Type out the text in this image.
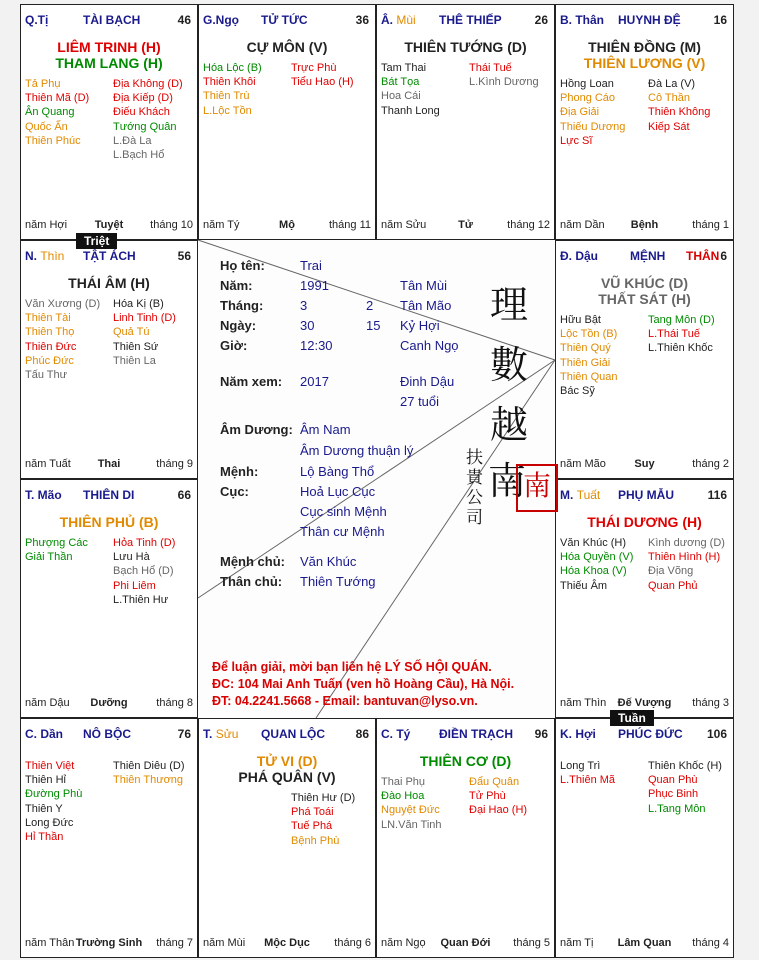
Q.Tị	TÀI BẠCH	46
LIÊM TRINH (H)
THAM LANG (H)
Tả Phụ
Thiên Mã (D)
Ân Quang
Quốc Ấn
Thiên Phúc
Địa Không (D)
Địa Kiếp (D)
Điếu Khách
Tướng Quân
L.Đà La
L.Bạch Hổ
năm Hợi	Tuyệt	tháng 10
G.Ngọ TỬ TỨC	36
CỰ MÔN (V)
Hóa Lộc (B)
Thiên Khôi
Thiên Trù
L.Lộc Tồn
Trực Phù
Tiểu Hao (H)
năm Tý	Mộ	tháng 11
Â. Mùi THÊ THIẾP	26
THIÊN TƯỚNG (D)
Tam Thai
Bát Tọa
Hoa Cái
Thanh Long
Thái Tuế
L.Kình Dương
năm Sửu	Tử	tháng 12
B. Thân HUYNH ĐỆ	16
THIÊN ĐỒNG (M)
THIÊN LƯƠNG (V)
Hồng Loan
Phong Cáo
Địa Giải
Thiếu Dương
Lực Sĩ
Đà La (V)
Cô Thần
Thiên Không
Kiếp Sát
năm Dần	Bệnh	tháng 1
N. Thìn TẬT ÁCH	56
THÁI ÂM (H)
Văn Xương (D)
Thiên Tài
Thiên Thọ
Thiên Đức
Phúc Đức
Tấu Thư
Hóa Kị (B)
Linh Tinh (D)
Quả Tú
Thiên Sứ
Thiên La
năm Tuất	Thai	tháng 9
Đ. Dậu	MỆNH THÂN 6
VŨ KHÚC (D)
THẤT SÁT (H)
Hữu Bật
Lộc Tồn (B)
Thiên Quý
Thiên Giải
Thiên Quan
Bác Sỹ
Tang Môn (D)
L.Thái Tuế
L.Thiên Khốc
năm Mão	Suy	tháng 2
T. Mão THIÊN DI	66
THIÊN PHỦ (B)
Phượng Các
Giải Thần
Hỏa Tinh (D)
Lưu Hà
Bạch Hổ (D)
Phi Liêm
L.Thiên Hư
năm Dậu	Dưỡng	tháng 8
M. Tuất PHỤ MẪU	116
THÁI DƯƠNG (H)
Văn Khúc (H)
Hóa Quyền (V)
Hóa Khoa (V)
Thiếu Âm
Kình dương (D)
Thiên Hình (H)
Địa Võng
Quan Phủ
năm Thìn	Đế Vượng	tháng 3
C. Dần NÔ BỘC	76
Thiên Việt
Thiên Hỉ
Đường Phù
Thiên Y
Long Đức
Hỉ Thần
Thiên Diêu (D)
Thiên Thương
năm Thân Trường Sinh	tháng 7
T. Sửu QUAN LỘC	86
TỬ VI (D)
PHÁ QUÂN (V)
Thiên Hư (D)
Phá Toái
Tuế Phá
Bệnh Phù
năm Mùi	Mộc Dục	tháng 6
C. Tý ĐIỀN TRẠCH 96
THIÊN CƠ (D)
Thai Phụ
Đào Hoa
Nguyệt Đức
LN.Văn Tinh
Đẩu Quân
Tử Phù
Đại Hao (H)
năm Ngọ	Quan Đới	tháng 5
K. Hợi PHÚC ĐỨC 106
Long Trì
L.Thiên Mã
Thiên Khốc (H)
Quan Phù
Phục Binh
L.Tang Môn
năm Tị	Lâm Quan	tháng 4
Họ tên:	Trai
Năm:	1991	Tân Mùi
Tháng:	3	2 Tân Mão
Ngày:	30	15 Kỷ Hợi
Giờ:	12:30	Canh Ngọ
Năm xem: 2017	Đinh Dậu
27 tuổi
Âm Dương: Âm Nam
Âm Dương thuận lý
Mệnh:	Lộ Bàng Thổ
Cục:	Hoả Lục Cục
Cục sinh Mệnh
Thân cư Mệnh
Mệnh chủ: Văn Khúc
Thân chủ: Thiên Tướng
Để luận giải, mời bạn liên hệ LÝ SỐ HỘI QUÁN.
ĐC: 104 Mai Anh Tuấn (ven hồ Hoàng Cầu), Hà Nội.
ĐT: 04.2241.5668 - Email: bantuvan@lyso.vn.
理
數
越
南
扶
貴
公
司
南
Triệt
Tuần
